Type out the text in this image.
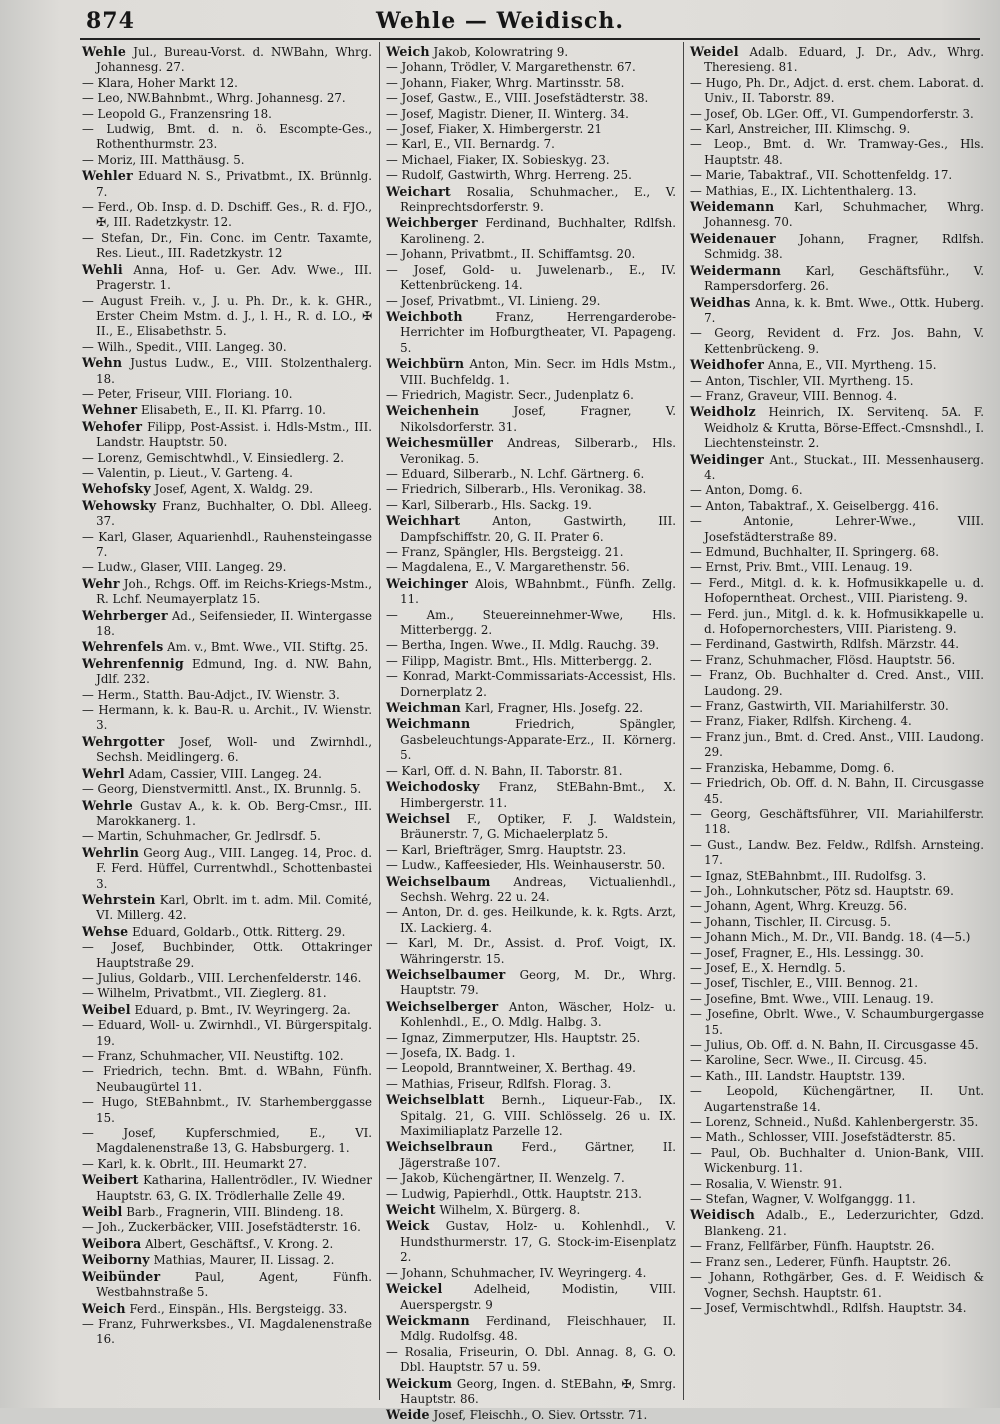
874	Wehle — Weidisch.

Wehle Jul., Bureau-Vorst. d. NWBahn, Whrg. Johannesg. 27.

— Klara, Hoher Markt 12.

— Leo, NW.Bahnbmt., Whrg. Johannesg. 27.

— Leopold G., Franzensring 18.

— Ludwig, Bmt. d. n. ö. Escompte-Ges., Rothenthurmstr. 23.

— Moriz, III. Matthäusg. 5.

Wehler Eduard N. S., Privatbmt., IX. Brünnlg. 7.

— Ferd., Ob. Insp. d. D. Dschiff. Ges., R. d. FJO., ✠, III. Radetzkystr. 12.

— Stefan, Dr., Fin. Conc. im Centr. Taxamte, Res. Lieut., III. Radetzkystr. 12

Wehli Anna, Hof- u. Ger. Adv. Wwe., III. Pragerstr. 1.

— August Freih. v., J. u. Ph. Dr., k. k. GHR., Erster Cheim Mstm. d. J., l. H., R. d. LO., ✠ II., E., Elisabethstr. 5.

— Wilh., Spedit., VIII. Langeg. 30.

Wehn Justus Ludw., E., VIII. Stolzenthalerg. 18.

— Peter, Friseur, VIII. Floriang. 10.

Wehner Elisabeth, E., II. Kl. Pfarrg. 10.

Wehofer Filipp, Post-Assist. i. Hdls-Mstm., III. Landstr. Hauptstr. 50.

— Lorenz, Gemischtwhdl., V. Einsiedlerg. 2.

— Valentin, p. Lieut., V. Garteng. 4.

Wehofsky Josef, Agent, X. Waldg. 29.

Wehowsky Franz, Buchhalter, O. Dbl. Alleeg. 37.

— Karl, Glaser, Aquarienhdl., Rauhensteingasse 7.

— Ludw., Glaser, VIII. Langeg. 29.

Wehr Joh., Rchgs. Off. im Reichs-Kriegs-Mstm., R. Lchf. Neumayerplatz 15.

Wehrberger Ad., Seifensieder, II. Wintergasse 18.

Wehrenfels Am. v., Bmt. Wwe., VII. Stiftg. 25.

Wehrenfennig Edmund, Ing. d. NW. Bahn, Jdlf. 232.

— Herm., Statth. Bau-Adjct., IV. Wienstr. 3.

— Hermann, k. k. Bau-R. u. Archit., IV. Wienstr. 3.

Wehrgotter Josef, Woll- und Zwirnhdl., Sechsh. Meidlingerg. 6.

Wehrl Adam, Cassier, VIII. Langeg. 24.

— Georg, Dienstvermittl. Anst., IX. Brunnlg. 5.

Wehrle Gustav A., k. k. Ob. Berg-Cmsr., III. Marokkanerg. 1.

— Martin, Schuhmacher, Gr. Jedlrsdf. 5.

Wehrlin Georg Aug., VIII. Langeg. 14, Proc. d. F. Ferd. Hüffel, Currentwhdl., Schottenbastei 3.

Wehrstein Karl, Obrlt. im t. adm. Mil. Comité, VI. Millerg. 42.

Wehse Eduard, Goldarb., Ottk. Ritterg. 29.

— Josef, Buchbinder, Ottk. Ottakringer Hauptstraße 29.

— Julius, Goldarb., VIII. Lerchenfelderstr. 146.

— Wilhelm, Privatbmt., VII. Zieglerg. 81.

Weibel Eduard, p. Bmt., IV. Weyringerg. 2a.

— Eduard, Woll- u. Zwirnhdl., VI. Bürgerspitalg. 19.

— Franz, Schuhmacher, VII. Neustiftg. 102.

— Friedrich, techn. Bmt. d. WBahn, Fünfh. Neubaugürtel 11.

— Hugo, StEBahnbmt., IV. Starhemberggasse 15.

— Josef, Kupferschmied, E., VI. Magdalenenstraße 13, G. Habsburgerg. 1.

— Karl, k. k. Obrlt., III. Heumarkt 27.

Weibert Katharina, Hallentrödler., IV. Wiedner Hauptstr. 63, G. IX. Trödlerhalle Zelle 49.

Weibl Barb., Fragnerin, VIII. Blindeng. 18.

— Joh., Zuckerbäcker, VIII. Josefstädterstr. 16.

Weibora Albert, Geschäftsf., V. Krong. 2.

Weiborny Mathias, Maurer, II. Lissag. 2.

Weibünder Paul, Agent, Fünfh. Westbahnstraße 5.

Weich Ferd., Einspän., Hls. Bergsteigg. 33.

— Franz, Fuhrwerksbes., VI. Magdalenenstraße 16.

Weich Jakob, Kolowratring 9.

— Johann, Trödler, V. Margarethenstr. 67.

— Johann, Fiaker, Whrg. Martinsstr. 58.

— Josef, Gastw., E., VIII. Josefstädterstr. 38.

— Josef, Magistr. Diener, II. Winterg. 34.

— Josef, Fiaker, X. Himbergerstr. 21

— Karl, E., VII. Bernardg. 7.

— Michael, Fiaker, IX. Sobieskyg. 23.

— Rudolf, Gastwirth, Whrg. Herreng. 25.

Weichart Rosalia, Schuhmacher., E., V. Reinprechtsdorferstr. 9.

Weichberger Ferdinand, Buchhalter, Rdlfsh. Karolineng. 2.

— Johann, Privatbmt., II. Schiffamtsg. 20.

— Josef, Gold- u. Juwelenarb., E., IV. Kettenbrückeng. 14.

— Josef, Privatbmt., VI. Linieng. 29.

Weichboth Franz, Herrengarderobe-Herrichter im Hofburgtheater, VI. Papageng. 5.

Weichbürn Anton, Min. Secr. im Hdls Mstm., VIII. Buchfeldg. 1.

— Friedrich, Magistr. Secr., Judenplatz 6.

Weichenhein Josef, Fragner, V. Nikolsdorferstr. 31.

Weichesmüller Andreas, Silberarb., Hls. Veronikag. 5.

— Eduard, Silberarb., N. Lchf. Gärtnerg. 6.

— Friedrich, Silberarb., Hls. Veronikag. 38.

— Karl, Silberarb., Hls. Sackg. 19.

Weichhart Anton, Gastwirth, III. Dampfschiffstr. 20, G. II. Prater 6.

— Franz, Spängler, Hls. Bergsteigg. 21.

— Magdalena, E., V. Margarethenstr. 56.

Weichinger Alois, WBahnbmt., Fünfh. Zellg. 11.

— Am., Steuereinnehmer-Wwe, Hls. Mitterbergg. 2.

— Bertha, Ingen. Wwe., II. Mdlg. Rauchg. 39.

— Filipp, Magistr. Bmt., Hls. Mitterbergg. 2.

— Konrad, Markt-Commissariats-Accessist, Hls. Dornerplatz 2.

Weichman Karl, Fragner, Hls. Josefg. 22.

Weichmann Friedrich, Spängler, Gasbeleuchtungs-Apparate-Erz., II. Körnerg. 5.

— Karl, Off. d. N. Bahn, II. Taborstr. 81.

Weichodosky Franz, StEBahn-Bmt., X. Himbergerstr. 11.

Weichsel F., Optiker, F. J. Waldstein, Bräunerstr. 7, G. Michaelerplatz 5.

— Karl, Briefträger, Smrg. Hauptstr. 23.

— Ludw., Kaffeesieder, Hls. Weinhauserstr. 50.

Weichselbaum Andreas, Victualienhdl., Sechsh. Wehrg. 22 u. 24.

— Anton, Dr. d. ges. Heilkunde, k. k. Rgts. Arzt, IX. Lackierg. 4.

— Karl, M. Dr., Assist. d. Prof. Voigt, IX. Währingerstr. 15.

Weichselbaumer Georg, M. Dr., Whrg. Hauptstr. 79.

Weichselberger Anton, Wäscher, Holz- u. Kohlenhdl., E., O. Mdlg. Halbg. 3.

— Ignaz, Zimmerputzer, Hls. Hauptstr. 25.

— Josefa, IX. Badg. 1.

— Leopold, Branntweiner, X. Berthag. 49.

— Mathias, Friseur, Rdlfsh. Florag. 3.

Weichselblatt Bernh., Liqueur-Fab., IX. Spitalg. 21, G. VIII. Schlösselg. 26 u. IX. Maximiliaplatz Parzelle 12.

Weichselbraun Ferd., Gärtner, II. Jägerstraße 107.

— Jakob, Küchengärtner, II. Wenzelg. 7.

— Ludwig, Papierhdl., Ottk. Hauptstr. 213.

Weicht Wilhelm, X. Bürgerg. 8.

Weick Gustav, Holz- u. Kohlenhdl., V. Hundsthurmerstr. 17, G. Stock-im-Eisenplatz 2.

— Johann, Schuhmacher, IV. Weyringerg. 4.

Weickel Adelheid, Modistin, VIII. Auerspergstr. 9

Weickmann Ferdinand, Fleischhauer, II. Mdlg. Rudolfsg. 48.

— Rosalia, Friseurin, O. Dbl. Annag. 8, G. O. Dbl. Hauptstr. 57 u. 59.

Weickum Georg, Ingen. d. StEBahn, ✠, Smrg. Hauptstr. 86.

Weide Josef, Fleischh., O. Siev. Ortsstr. 71.

Weidel Adalb. Eduard, J. Dr., Adv., Whrg. Theresieng. 81.

— Hugo, Ph. Dr., Adjct. d. erst. chem. Laborat. d. Univ., II. Taborstr. 89.

— Josef, Ob. LGer. Off., VI. Gumpendorferstr. 3.

— Karl, Anstreicher, III. Klimschg. 9.

— Leop., Bmt. d. Wr. Tramway-Ges., Hls. Hauptstr. 48.

— Marie, Tabaktraf., VII. Schottenfeldg. 17.

— Mathias, E., IX. Lichtenthalerg. 13.

Weidemann Karl, Schuhmacher, Whrg. Johannesg. 70.

Weidenauer Johann, Fragner, Rdlfsh. Schmidg. 38.

Weidermann Karl, Geschäftsführ., V. Rampersdorferg. 26.

Weidhas Anna, k. k. Bmt. Wwe., Ottk. Huberg. 7.

— Georg, Revident d. Frz. Jos. Bahn, V. Kettenbrückeng. 9.

Weidhofer Anna, E., VII. Myrtheng. 15.

— Anton, Tischler, VII. Myrtheng. 15.

— Franz, Graveur, VIII. Bennog. 4.

Weidholz Heinrich, IX. Servitenq. 5A. F. Weidholz & Krutta, Börse-Effect.-Cmsnshdl., I. Liechtensteinstr. 2.

Weidinger Ant., Stuckat., III. Messenhauserg. 4.

— Anton, Domg. 6.

— Anton, Tabaktraf., X. Geiselbergg. 416.

— Antonie, Lehrer-Wwe., VIII. Josefstädterstraße 89.

— Edmund, Buchhalter, II. Springerg. 68.

— Ernst, Priv. Bmt., VIII. Lenaug. 19.

— Ferd., Mitgl. d. k. k. Hofmusikkapelle u. d. Hofoperntheat. Orchest., VIII. Piaristeng. 9.

— Ferd. jun., Mitgl. d. k. k. Hofmusikkapelle u. d. Hofopernorchesters, VIII. Piaristeng. 9.

— Ferdinand, Gastwirth, Rdlfsh. Märzstr. 44.

— Franz, Schuhmacher, Flösd. Hauptstr. 56.

— Franz, Ob. Buchhalter d. Cred. Anst., VIII. Laudong. 29.

— Franz, Gastwirth, VII. Mariahilferstr. 30.

— Franz, Fiaker, Rdlfsh. Kircheng. 4.

— Franz jun., Bmt. d. Cred. Anst., VIII. Laudong. 29.

— Franziska, Hebamme, Domg. 6.

— Friedrich, Ob. Off. d. N. Bahn, II. Circusgasse 45.

— Georg, Geschäftsführer, VII. Mariahilferstr. 118.

— Gust., Landw. Bez. Feldw., Rdlfsh. Arnsteing. 17.

— Ignaz, StEBahnbmt., III. Rudolfsg. 3.

— Joh., Lohnkutscher, Pötz sd. Hauptstr. 69.

— Johann, Agent, Whrg. Kreuzg. 56.

— Johann, Tischler, II. Circusg. 5.

— Johann Mich., M. Dr., VII. Bandg. 18. (4—5.)

— Josef, Fragner, E., Hls. Lessingg. 30.

— Josef, E., X. Herndlg. 5.

— Josef, Tischler, E., VIII. Bennog. 21.

— Josefine, Bmt. Wwe., VIII. Lenaug. 19.

— Josefine, Obrlt. Wwe., V. Schaumburgergasse 15.

— Julius, Ob. Off. d. N. Bahn, II. Circusgasse 45.

— Karoline, Secr. Wwe., II. Circusg. 45.

— Kath., III. Landstr. Hauptstr. 139.

— Leopold, Küchengärtner, II. Unt. Augartenstraße 14.

— Lorenz, Schneid., Nußd. Kahlenbergerstr. 35.

— Math., Schlosser, VIII. Josefstädterstr. 85.

— Paul, Ob. Buchhalter d. Union-Bank, VIII. Wickenburg. 11.

— Rosalia, V. Wienstr. 91.

— Stefan, Wagner, V. Wolfganggg. 11.

Weidisch Adalb., E., Lederzurichter, Gdzd. Blankeng. 21.

— Franz, Fellfärber, Fünfh. Hauptstr. 26.

— Franz sen., Lederer, Fünfh. Hauptstr. 26.

— Johann, Rothgärber, Ges. d. F. Weidisch & Vogner, Sechsh. Hauptstr. 61.

— Josef, Vermischtwhdl., Rdlfsh. Hauptstr. 34.
